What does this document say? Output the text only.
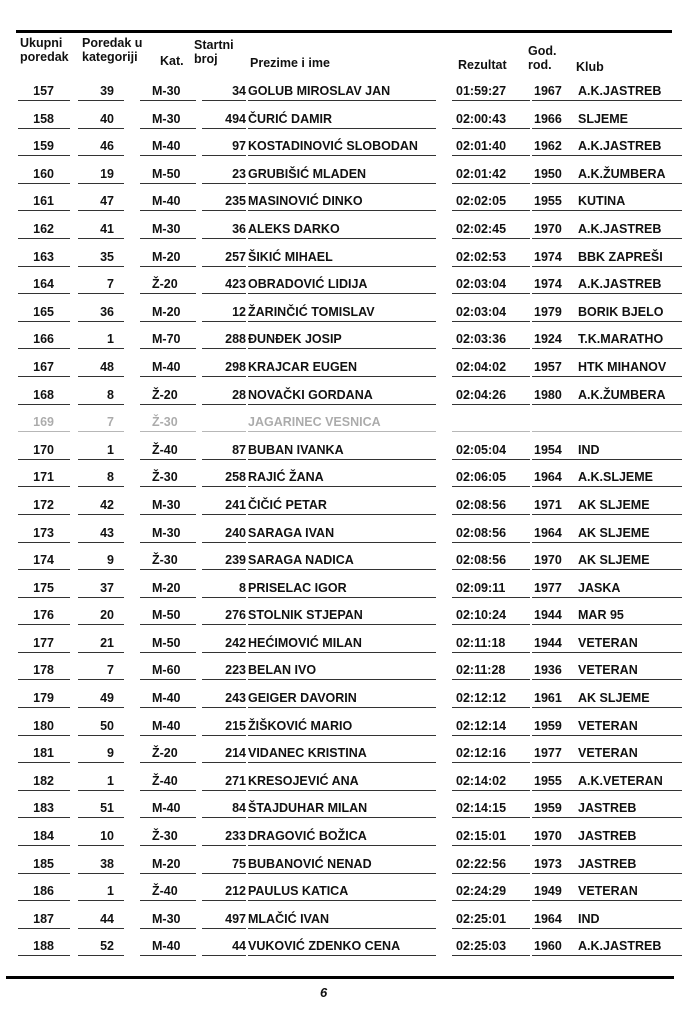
Ukupni
poredak
Poredak u
kategoriji	Kat.
Startni
broj	Prezime i ime	Rezultat
God.
rod.	Klub
157	39	M-30	34 GOLUB MIROSLAV JAN	01:59:27 1967 A.K.JASTREB
158	40	M-30	494 ČURIĆ DAMIR	02:00:43 1966 SLJEME
159	46	M-40	97 KOSTADINOVIĆ SLOBODAN	02:01:40 1962 A.K.JASTREB
160	19	M-50	23 GRUBIŠIĆ MLADEN	02:01:42 1950 A.K.ŽUMBERA
161	47	M-40	235 MASINOVIĆ DINKO	02:02:05 1955 KUTINA
162	41	M-30	36 ALEKS DARKO	02:02:45 1970 A.K.JASTREB
163	35	M-20	257 ŠIKIĆ MIHAEL	02:02:53 1974 BBK ZAPREŠI
164	7	Ž-20	423 OBRADOVIĆ LIDIJA	02:03:04 1974 A.K.JASTREB
165	36	M-20	12 ŽARINČIĆ TOMISLAV	02:03:04 1979 BORIK BJELO
166	1	M-70	288 ĐUNĐEK JOSIP	02:03:36 1924 T.K.MARATHO
167	48	M-40	298 KRAJCAR EUGEN	02:04:02 1957 HTK MIHANOV
168	8	Ž-20	28 NOVAČKI GORDANA	02:04:26 1980 A.K.ŽUMBERA
169	7	Ž-30	JAGARINEC VESNICA
170	1	Ž-40	87 BUBAN IVANKA	02:05:04 1954 IND
171	8	Ž-30	258 RAJIĆ ŽANA	02:06:05 1964 A.K.SLJEME
172	42	M-30	241 ČIČIĆ PETAR	02:08:56 1971 AK SLJEME
173	43	M-30	240 SARAGA IVAN	02:08:56 1964 AK SLJEME
174	9	Ž-30	239 SARAGA NADICA	02:08:56 1970 AK SLJEME
175	37	M-20	8 PRISELAC IGOR	02:09:11 1977 JASKA
176	20	M-50	276 STOLNIK STJEPAN	02:10:24 1944 MAR 95
177	21	M-50	242 HEĆIMOVIĆ MILAN	02:11:18 1944 VETERAN
178	7	M-60	223 BELAN IVO	02:11:28 1936 VETERAN
179	49	M-40	243 GEIGER DAVORIN	02:12:12 1961 AK SLJEME
180	50	M-40	215 ŽIŠKOVIĆ MARIO	02:12:14 1959 VETERAN
181	9	Ž-20	214 VIDANEC KRISTINA	02:12:16 1977 VETERAN
182	1	Ž-40	271 KRESOJEVIĆ ANA	02:14:02 1955 A.K.VETERAN
183	51	M-40	84 ŠTAJDUHAR MILAN	02:14:15 1959 JASTREB
184	10	Ž-30	233 DRAGOVIĆ BOŽICA	02:15:01 1970 JASTREB
185	38	M-20	75 BUBANOVIĆ NENAD	02:22:56 1973 JASTREB
186	1	Ž-40	212 PAULUS KATICA	02:24:29 1949 VETERAN
187	44	M-30	497 MLAČIĆ IVAN	02:25:01 1964 IND
188	52	M-40	44 VUKOVIĆ ZDENKO CENA	02:25:03 1960 A.K.JASTREB
6
